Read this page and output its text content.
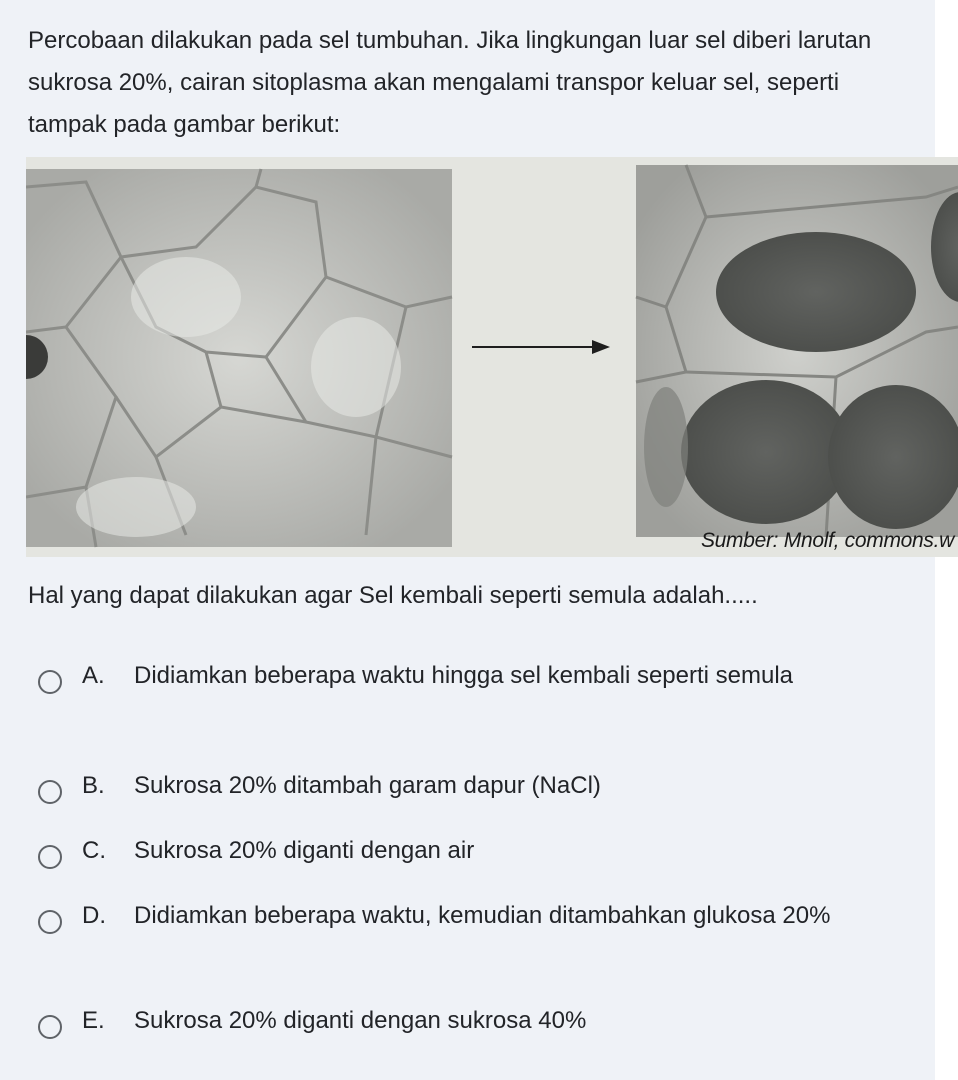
Percobaan dilakukan pada sel tumbuhan. Jika lingkungan luar sel diberi larutan sukrosa 20%, cairan sitoplasma akan mengalami transpor keluar sel, seperti tampak pada gambar berikut:

Sumber: Mnolf, commons.w

Hal yang dapat dilakukan agar Sel kembali seperti semula adalah.....

A.	Didiamkan beberapa waktu hingga sel kembali seperti semula
B.	Sukrosa 20% ditambah garam dapur (NaCl)
C.	Sukrosa 20% diganti dengan air
D.	Didiamkan beberapa waktu, kemudian ditambahkan glukosa 20%
E.	Sukrosa 20% diganti dengan sukrosa 40%
